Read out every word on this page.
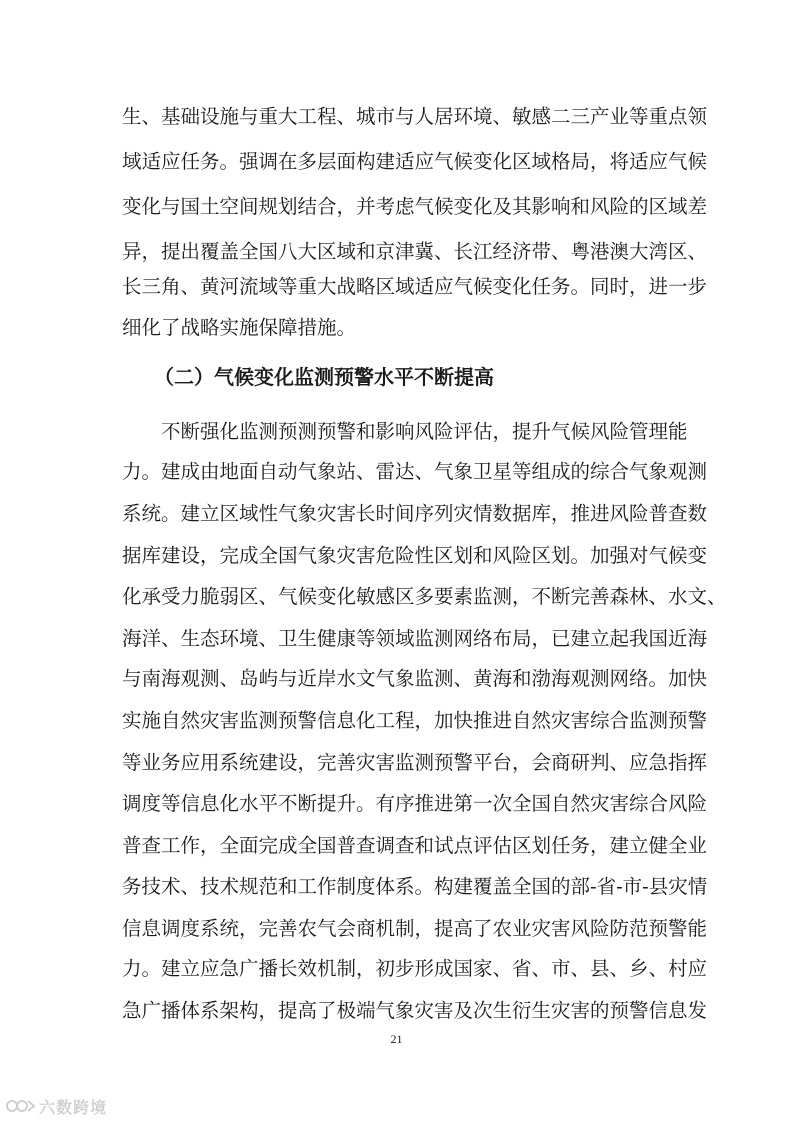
生、基础设施与重大工程、城市与人居环境、敏感二三产业等重点领
域适应任务。强调在多层面构建适应气候变化区域格局，将适应气候
变化与国土空间规划结合，并考虑气候变化及其影响和风险的区域差
异，提出覆盖全国八大区域和京津冀、长江经济带、粤港澳大湾区、
长三角、黄河流域等重大战略区域适应气候变化任务。同时，进一步
细化了战略实施保障措施。
（二）气候变化监测预警水平不断提高
不断强化监测预测预警和影响风险评估，提升气候风险管理能
力。建成由地面自动气象站、雷达、气象卫星等组成的综合气象观测
系统。建立区域性气象灾害长时间序列灾情数据库，推进风险普查数
据库建设，完成全国气象灾害危险性区划和风险区划。加强对气候变
化承受力脆弱区、气候变化敏感区多要素监测，不断完善森林、水文、
海洋、生态环境、卫生健康等领域监测网络布局，已建立起我国近海
与南海观测、岛屿与近岸水文气象监测、黄海和渤海观测网络。加快
实施自然灾害监测预警信息化工程，加快推进自然灾害综合监测预警
等业务应用系统建设，完善灾害监测预警平台，会商研判、应急指挥
调度等信息化水平不断提升。有序推进第一次全国自然灾害综合风险
普查工作，全面完成全国普查调查和试点评估区划任务，建立健全业
务技术、技术规范和工作制度体系。构建覆盖全国的部-省-市-县灾情
信息调度系统，完善农气会商机制，提高了农业灾害风险防范预警能
力。建立应急广播长效机制，初步形成国家、省、市、县、乡、村应
急广播体系架构，提高了极端气象灾害及次生衍生灾害的预警信息发
21
六数跨境
